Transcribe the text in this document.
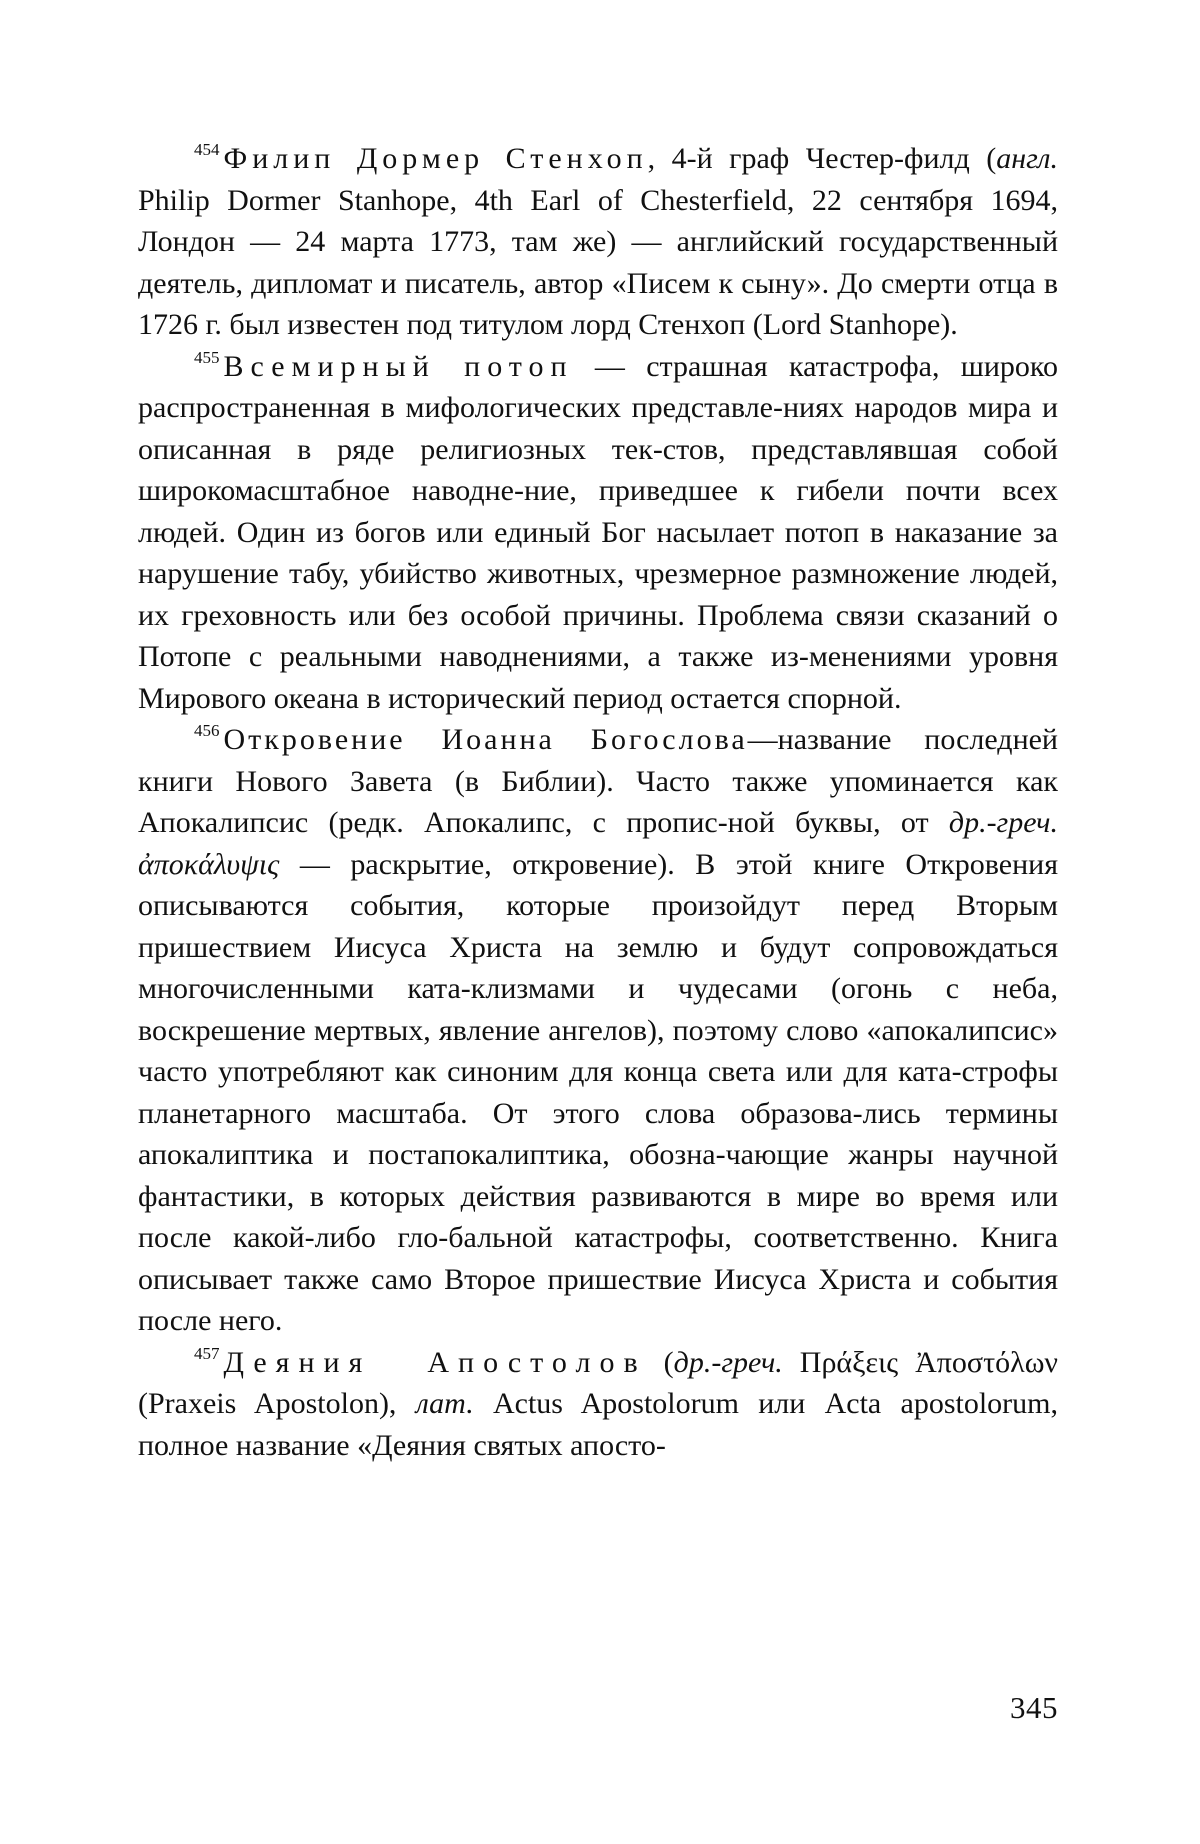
$^{454}$ Филип Дормер Стенхоп, 4-й граф Честер-филд (англ. Philip Dormer Stanhope, 4th Earl of Chesterfield, 22 сентября 1694, Лондон — 24 марта 1773, там же) — английский государственный деятель, дипломат и писатель, автор «Писем к сыну». До смерти отца в 1726 г. был известен под титулом лорд Стенхоп (Lord Stanhope).

$^{455}$ Всемирный потоп — страшная катастрофа, широко распространенная в мифологических представле-ниях народов мира и описанная в ряде религиозных тек-стов, представлявшая собой широкомасштабное наводне-ние, приведшее к гибели почти всех людей. Один из богов или единый Бог насылает потоп в наказание за нарушение табу, убийство животных, чрезмерное размножение людей, их греховность или без особой причины. Проблема связи сказаний о Потопе с реальными наводнениями, а также из-менениями уровня Мирового океана в исторический период остается спорной.

$^{456}$ Откровение Иоанна Богослова—название последней книги Нового Завета (в Библии). Часто также упоминается как Апокалипсис (редк. Апокалипс, с пропис-ной буквы, от др.-греч. ἀποκάλυψις — раскрытие, откровение). В этой книге Откровения описываются события, которые произойдут перед Вторым пришествием Иисуса Христа на землю и будут сопровождаться многочисленными ката-клизмами и чудесами (огонь с неба, воскрешение мертвых, явление ангелов), поэтому слово «апокалипсис» часто употребляют как синоним для конца света или для ката-строфы планетарного масштаба. От этого слова образова-лись термины апокалиптика и постапокалиптика, обозна-чающие жанры научной фантастики, в которых действия развиваются в мире во время или после какой-либо гло-бальной катастрофы, соответственно. Книга описывает также само Второе пришествие Иисуса Христа и события после него.

$^{457}$ Деяния Апостолов (др.-греч. Πράξεις Ἀποστόλων (Praxeis Apostolon), лат. Actus Apostolorum или Acta apostolorum, полное название «Деяния святых апосто-

345
